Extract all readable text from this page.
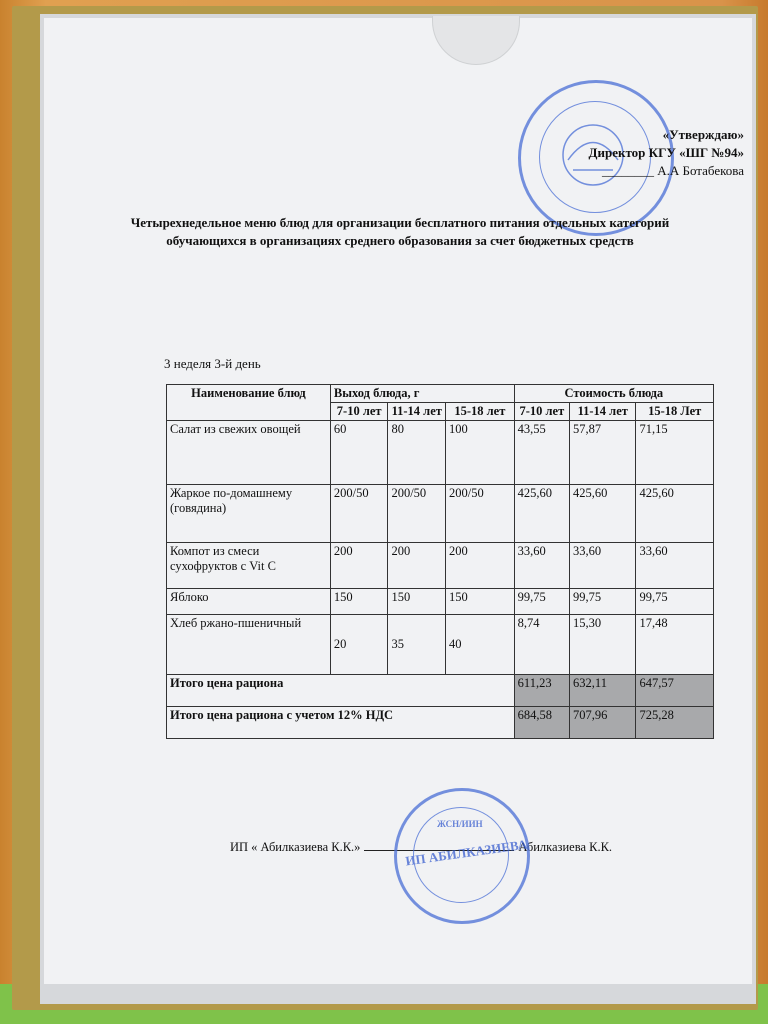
«Утверждаю»
Директор КГУ «ШГ №94»
________ А.А Ботабекова
Четырехнедельное меню блюд для организации бесплатного питания отдельных категорий обучающихся в организациях среднего образования за счет бюджетных средств
3 неделя 3-й день
Наименование блюд	Выход блюда, г			Стоимость блюда		
	7-10 лет	11-14 лет	15-18 лет	7-10 лет	11-14 лет	15-18 Лет
Салат из свежих овощей	60	80	100	43,55	57,87	71,15
Жаркое по-домашнему (говядина)	200/50	200/50	200/50	425,60	425,60	425,60
Компот из смеси сухофруктов с Vit C	200	200	200	33,60	33,60	33,60
Яблоко	150	150	150	99,75	99,75	99,75
Хлеб ржано-пшеничный	20	35	40	8,74	15,30	17,48
Итого цена рациона				611,23	632,11	647,57
Итого цена рациона с учетом 12% НДС				684,58	707,96	725,28
ИП « Абилказиева К.К.»	Абилказиева К.К.
ЖСН/ИИН
ИП АБИЛКАЗИЕВА
